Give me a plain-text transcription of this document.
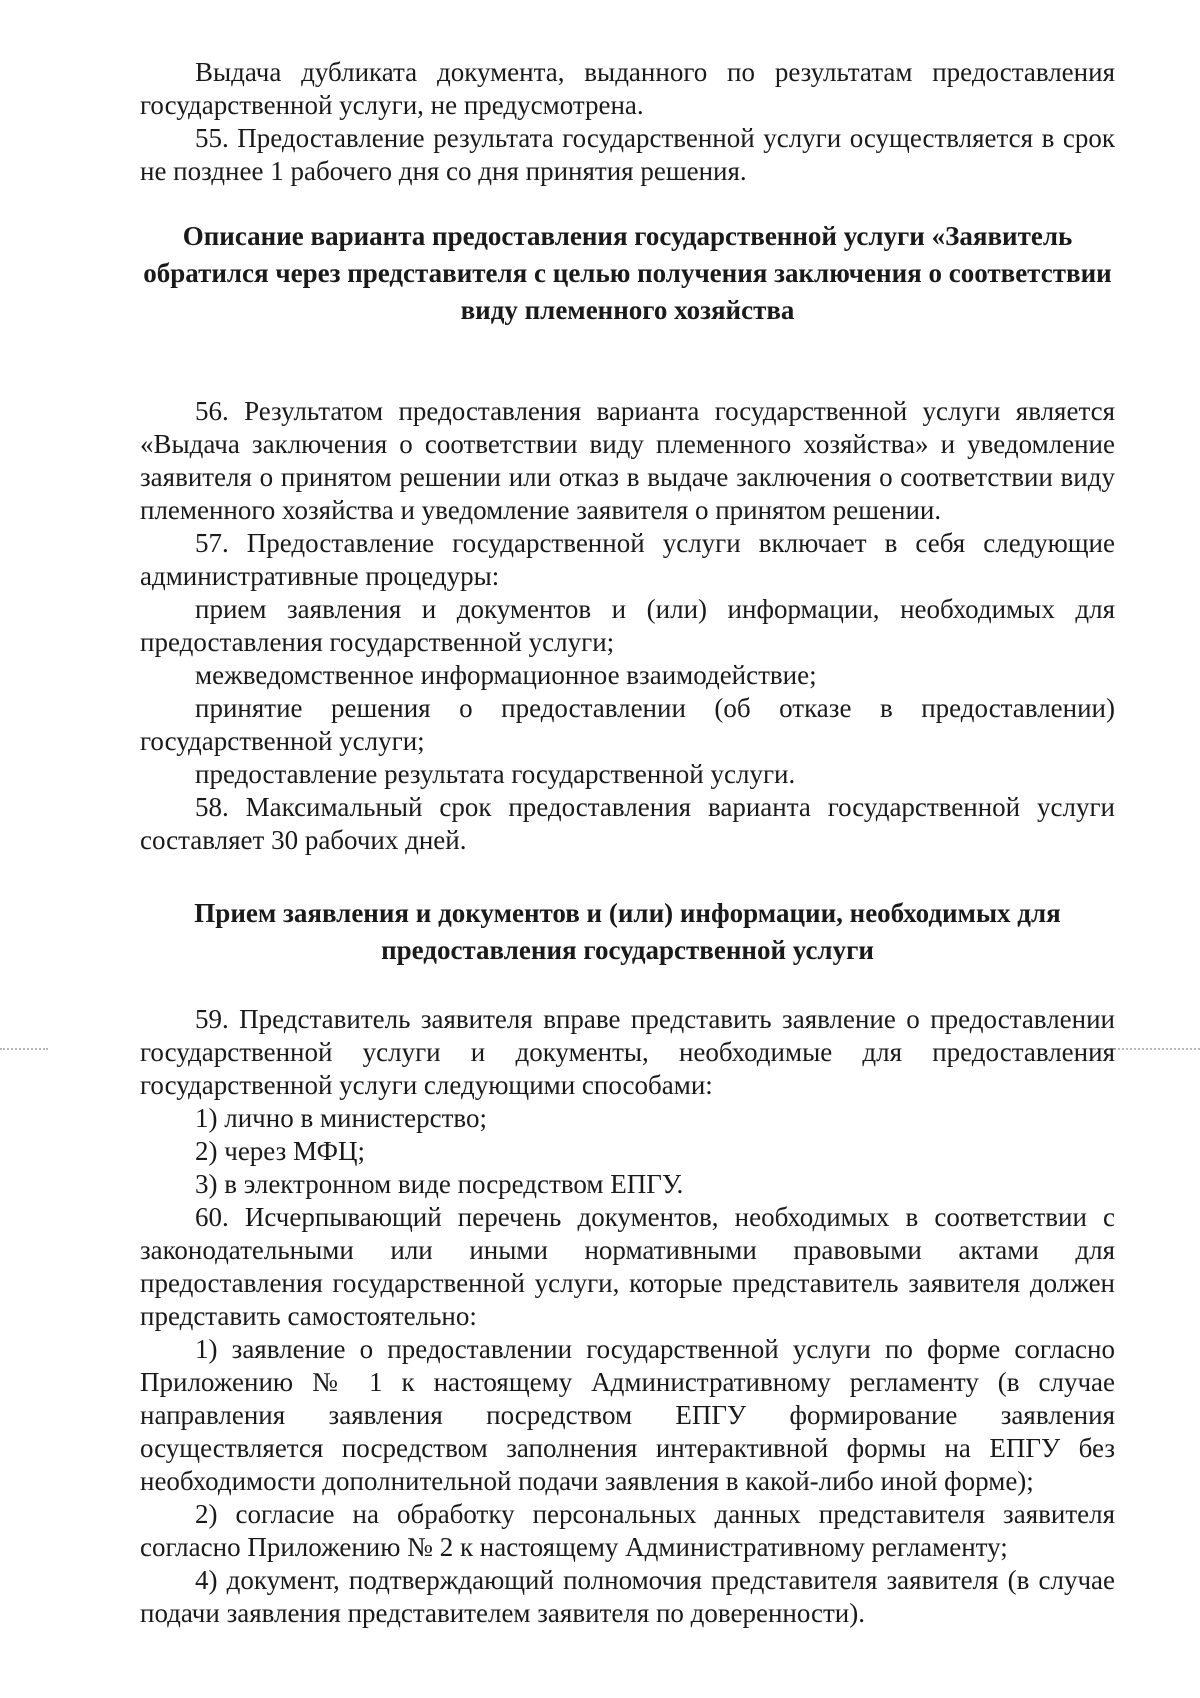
Выдача дубликата документа, выданного по результатам предоставления государственной услуги, не предусмотрена.

55. Предоставление результата государственной услуги осуществляется в срок не позднее 1 рабочего дня со дня принятия решения.

Описание варианта предоставления государственной услуги «Заявитель обратился через представителя с целью получения заключения о соответствии виду племенного хозяйства

56. Результатом предоставления варианта государственной услуги является «Выдача заключения о соответствии виду племенного хозяйства» и уведомление заявителя о принятом решении или отказ в выдаче заключения о соответствии виду племенного хозяйства и уведомление заявителя о принятом решении.

57. Предоставление государственной услуги включает в себя следующие административные процедуры:

прием заявления и документов и (или) информации, необходимых для предоставления государственной услуги;

межведомственное информационное взаимодействие;

принятие решения о предоставлении (об отказе в предоставлении) государственной услуги;

предоставление результата государственной услуги.

58. Максимальный срок предоставления варианта государственной услуги составляет 30 рабочих дней.

Прием заявления и документов и (или) информации, необходимых для предоставления государственной услуги

59. Представитель заявителя вправе представить заявление о предоставлении государственной услуги и документы, необходимые для предоставления государственной услуги следующими способами:

1) лично в министерство;

2) через МФЦ;

3) в электронном виде посредством ЕПГУ.

60. Исчерпывающий перечень документов, необходимых в соответствии с законодательными или иными нормативными правовыми актами для предоставления государственной услуги, которые представитель заявителя должен представить самостоятельно:

1) заявление о предоставлении государственной услуги по форме согласно Приложению № 1 к настоящему Административному регламенту (в случае направления заявления посредством ЕПГУ формирование заявления осуществляется посредством заполнения интерактивной формы на ЕПГУ без необходимости дополнительной подачи заявления в какой-либо иной форме);

2) согласие на обработку персональных данных представителя заявителя согласно Приложению № 2 к настоящему Административному регламенту;

4) документ, подтверждающий полномочия представителя заявителя (в случае подачи заявления представителем заявителя по доверенности).
